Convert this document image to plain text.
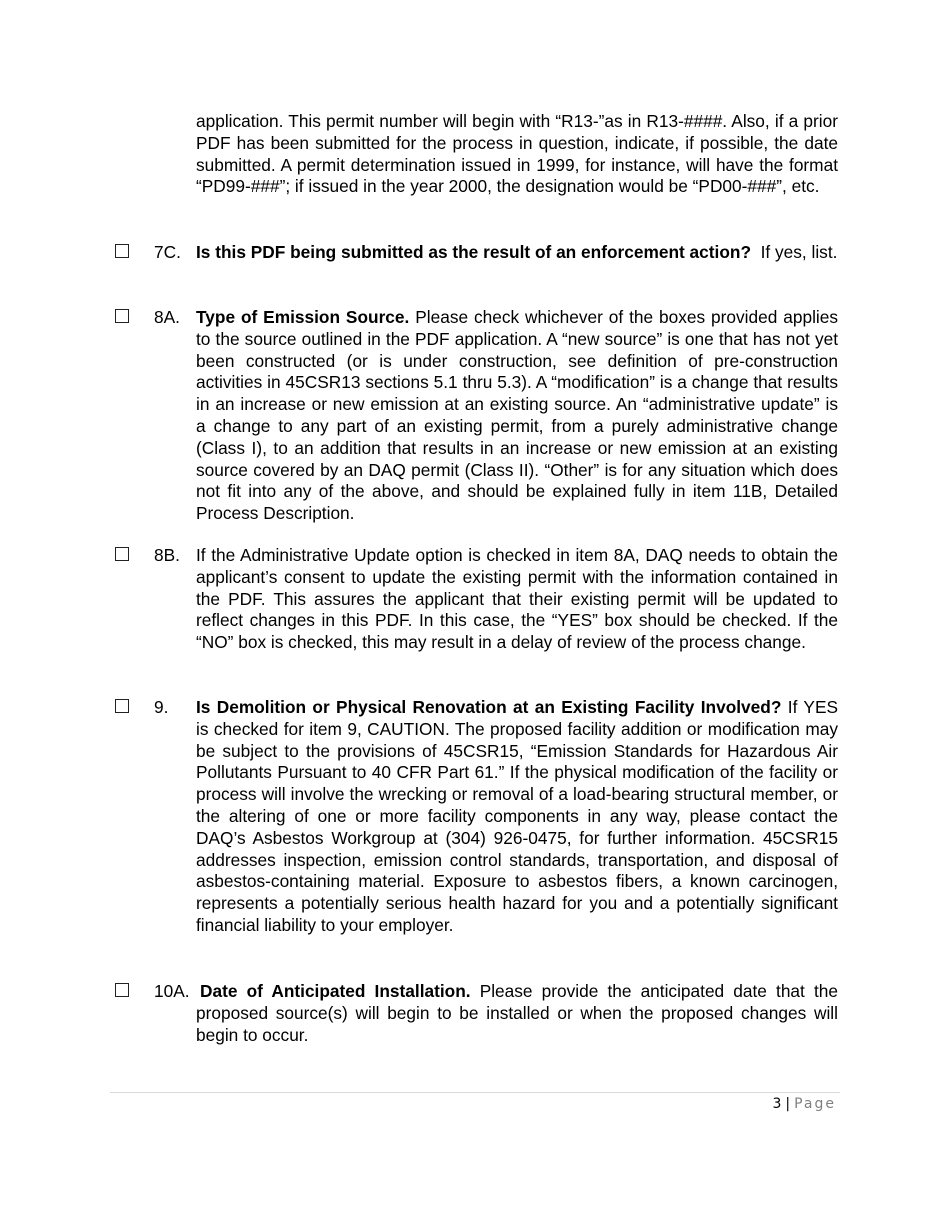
application. This permit number will begin with “R13-”as in R13-####. Also, if a prior PDF has been submitted for the process in question, indicate, if possible, the date submitted. A permit determination issued in 1999, for instance, will have the format “PD99-###”; if issued in the year 2000, the designation would be “PD00-###”, etc.

7C. Is this PDF being submitted as the result of an enforcement action?  If yes, list.
8A. Type of Emission Source. Please check whichever of the boxes provided applies to the source outlined in the PDF application. A “new source” is one that has not yet been constructed (or is under construction, see definition of pre-construction activities in 45CSR13 sections 5.1 thru 5.3). A “modification” is a change that results in an increase or new emission at an existing source. An “administrative update” is a change to any part of an existing permit, from a purely administrative change (Class I), to an addition that results in an increase or new emission at an existing source covered by an DAQ permit (Class II). “Other” is for any situation which does not fit into any of the above, and should be explained fully in item 11B, Detailed Process Description.
8B. If the Administrative Update option is checked in item 8A, DAQ needs to obtain the applicant’s consent to update the existing permit with the information contained in the PDF. This assures the applicant that their existing permit will be updated to reflect changes in this PDF. In this case, the “YES” box should be checked. If the “NO” box is checked, this may result in a delay of review of the process change.
9. Is Demolition or Physical Renovation at an Existing Facility Involved? If YES is checked for item 9, CAUTION. The proposed facility addition or modification may be subject to the provisions of 45CSR15, “Emission Standards for Hazardous Air Pollutants Pursuant to 40 CFR Part 61.” If the physical modification of the facility or process will involve the wrecking or removal of a load-bearing structural member, or the altering of one or more facility components in any way, please contact the DAQ’s Asbestos Workgroup at (304) 926-0475, for further information. 45CSR15 addresses inspection, emission control standards, transportation, and disposal of asbestos-containing material. Exposure to asbestos fibers, a known carcinogen, represents a potentially serious health hazard for you and a potentially significant financial liability to your employer.
10A. Date of Anticipated Installation. Please provide the anticipated date that the proposed source(s) will begin to be installed or when the proposed changes will begin to occur.
3 | Page
